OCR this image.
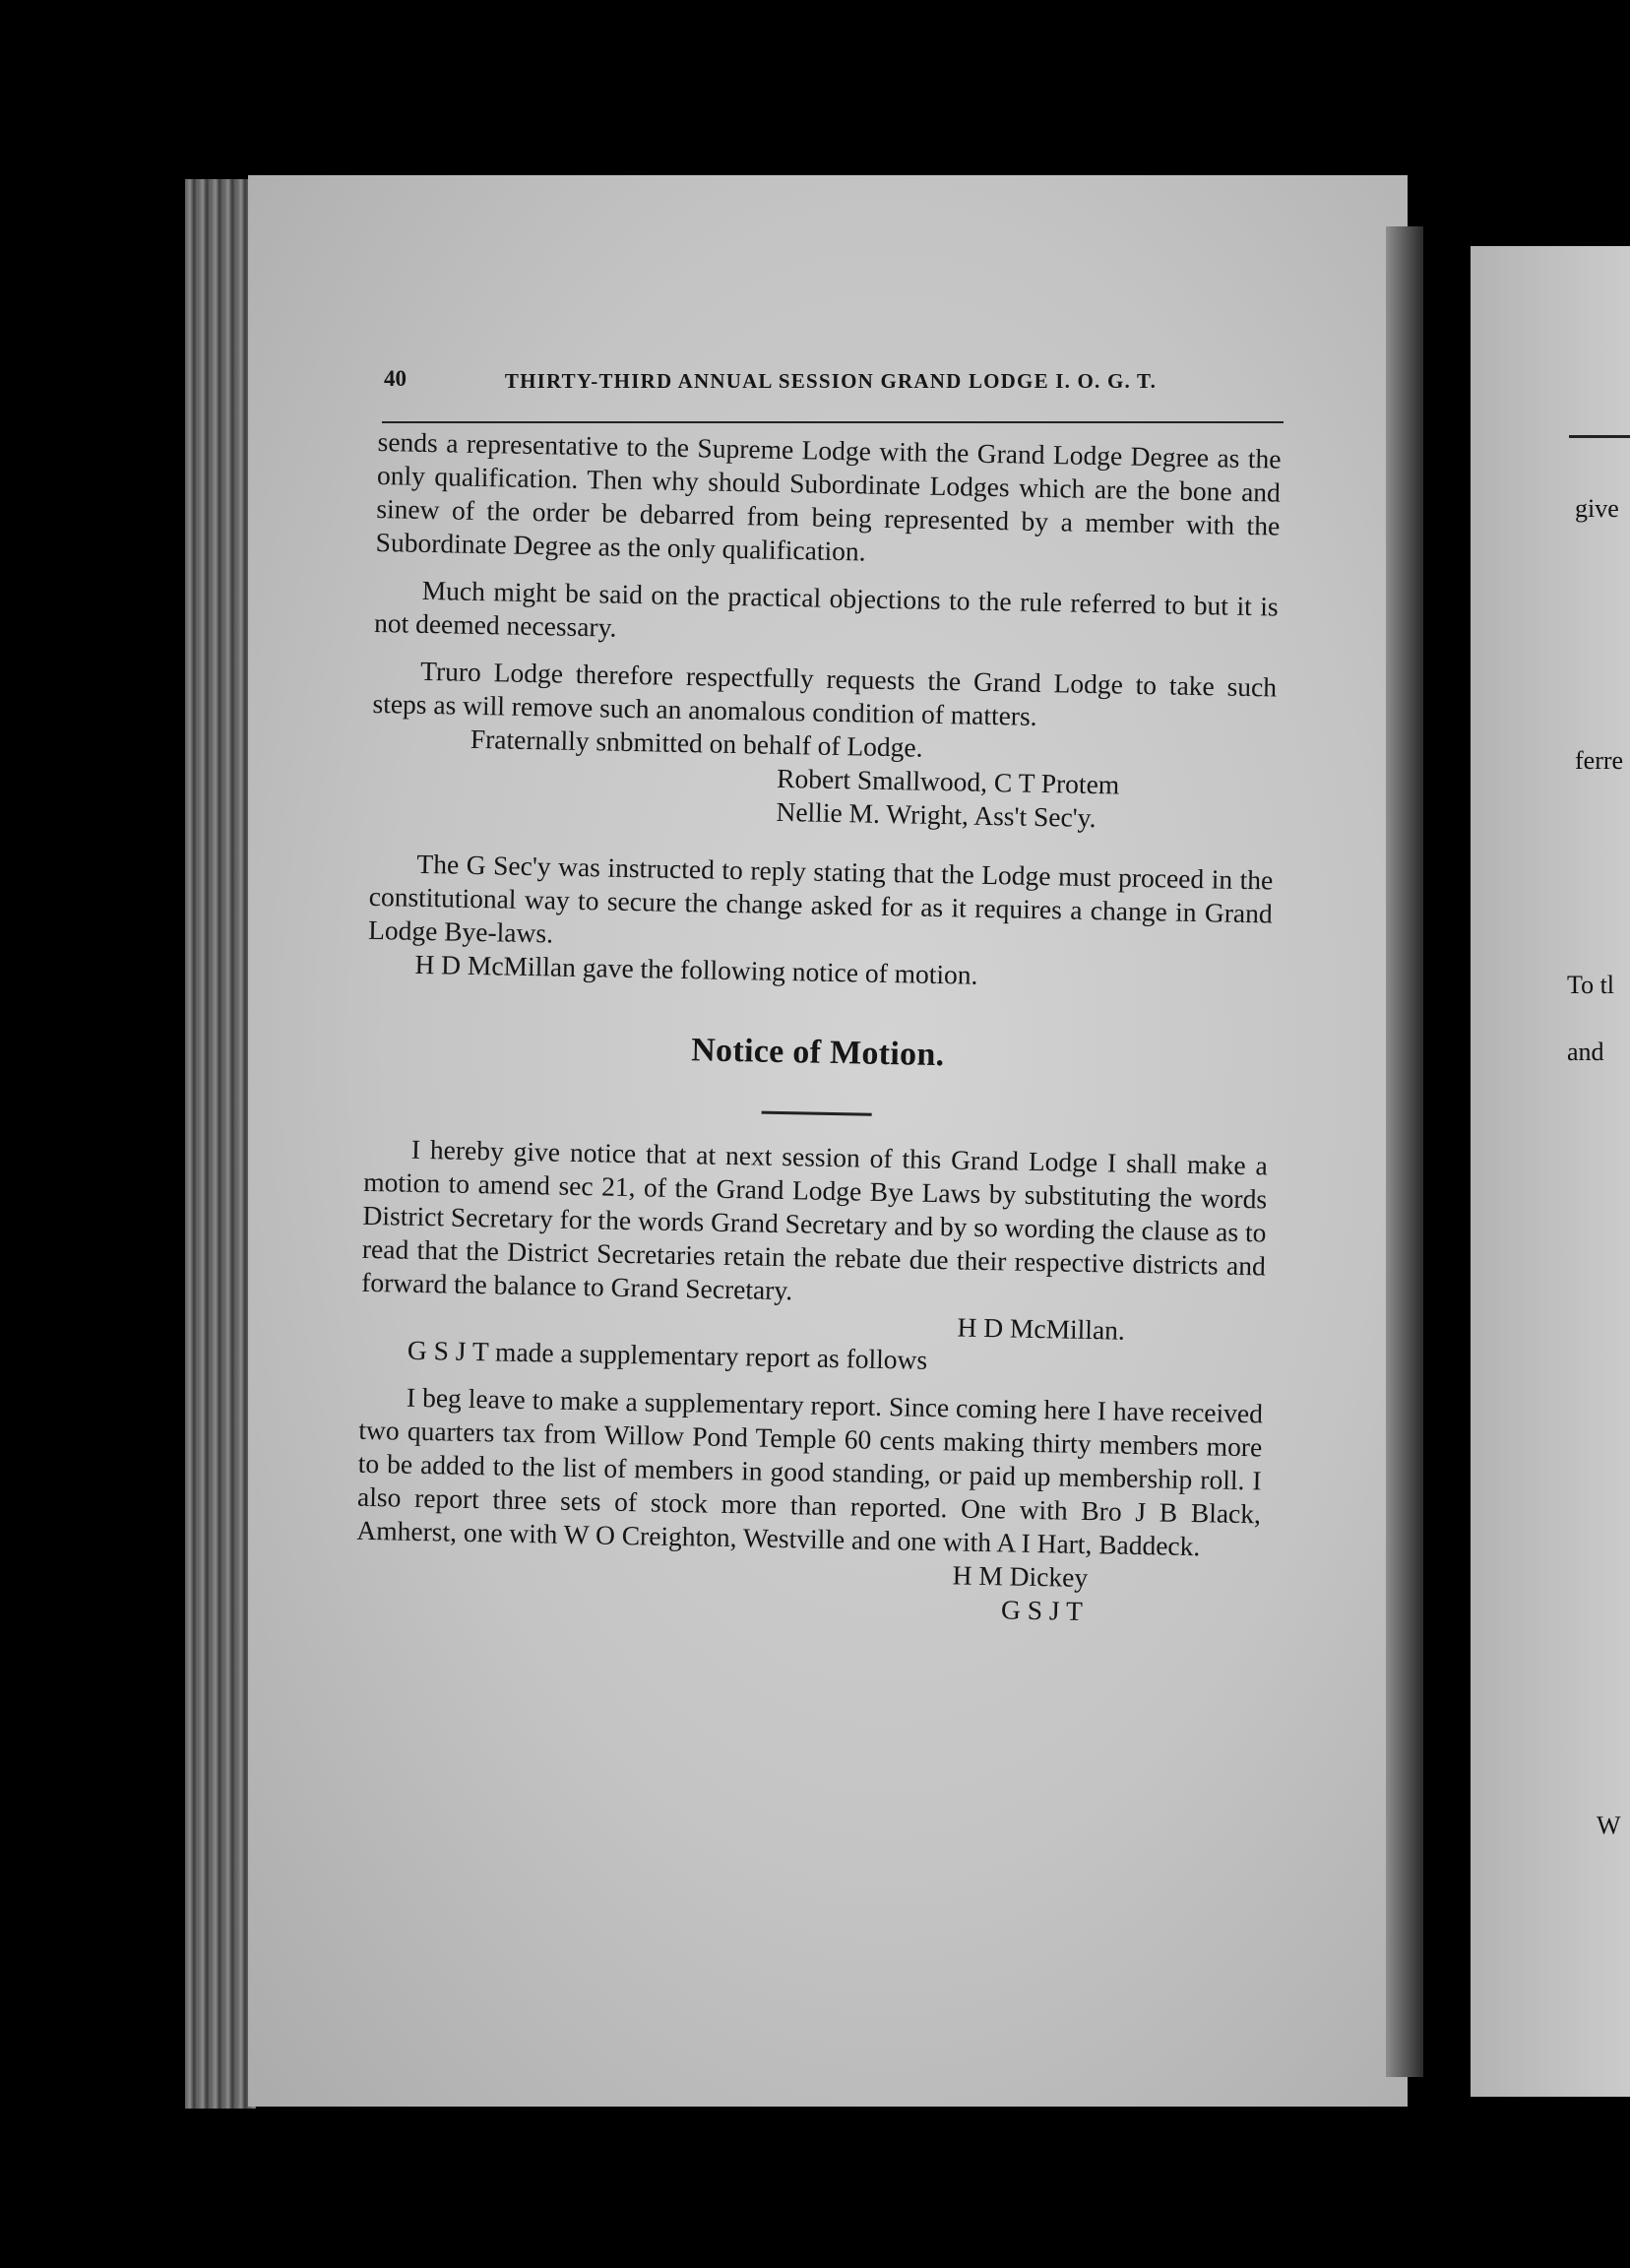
40	THIRTY-THIRD ANNUAL SESSION GRAND LODGE I. O. G. T.

sends a representative to the Supreme Lodge with the Grand Lodge Degree as the only qualification. Then why should Subordinate Lodges which are the bone and sinew of the order be debarred from being represented by a member with the Subordinate Degree as the only qualification.

Much might be said on the practical objections to the rule referred to but it is not deemed necessary.

Truro Lodge therefore respectfully requests the Grand Lodge to take such steps as will remove such an anomalous condition of matters.

Fraternally snbmitted on behalf of Lodge.

Robert Smallwood, C T Protem

Nellie M. Wright, Ass't Sec'y.

The G Sec'y was instructed to reply stating that the Lodge must proceed in the constitutional way to secure the change asked for as it requires a change in Grand Lodge Bye-laws.

H D McMillan gave the following notice of motion.

Notice of Motion.

I hereby give notice that at next session of this Grand Lodge I shall make a motion to amend sec 21, of the Grand Lodge Bye Laws by substituting the words District Secretary for the words Grand Secretary and by so wording the clause as to read that the District Secretaries retain the rebate due their respective districts and forward the balance to Grand Secretary.

H D McMillan.

G S J T made a supplementary report as follows

I beg leave to make a supplementary report. Since coming here I have received two quarters tax from Willow Pond Temple 60 cents making thirty members more to be added to the list of members in good standing, or paid up membership roll. I also report three sets of stock more than reported. One with Bro J B Black, Amherst, one with W O Creighton, Westville and one with A I Hart, Baddeck.

H M Dickey

G S J T

give
ferre
To tl
and
W
